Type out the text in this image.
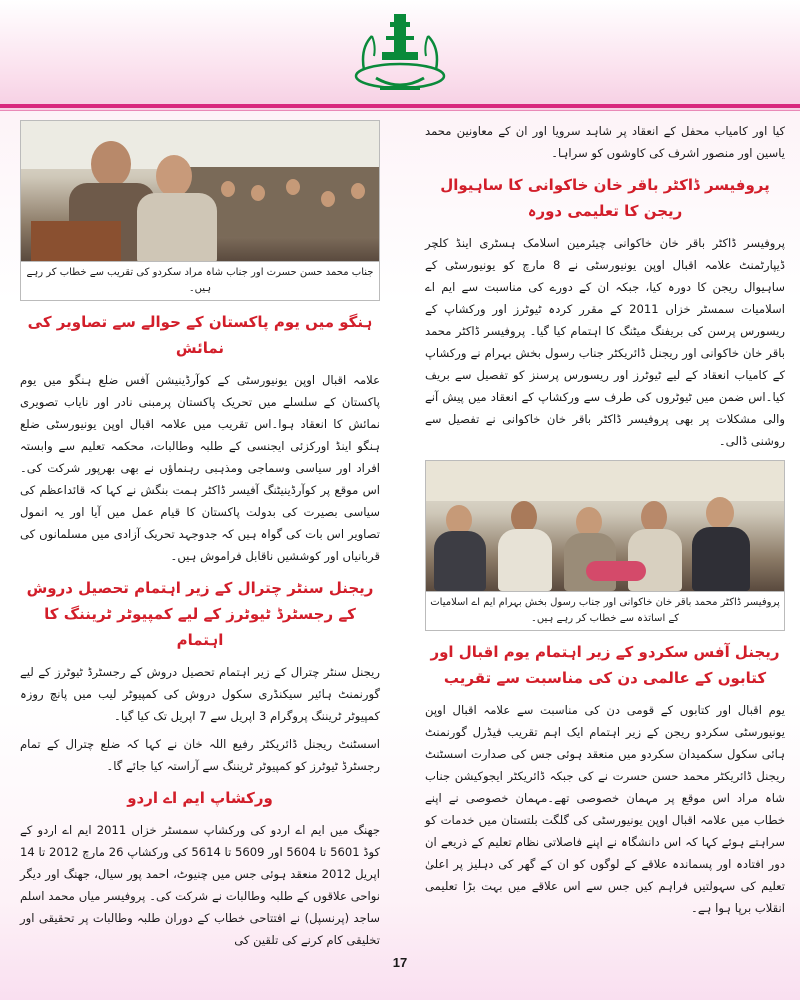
جناب محمد حسن حسرت اور جناب شاہ مراد سکردو کی تقریب سے خطاب کر رہے ہیں۔
ہنگو میں یوم پاکستان کے حوالے سے تصاویر کی نمائش

علامہ اقبال اوپن یونیورسٹی کے کوآرڈینیشن آفس ضلع ہنگو میں یوم پاکستان کے سلسلے میں تحریک پاکستان پرمبنی نادر اور نایاب تصویری نمائش کا انعقاد ہوا۔اس تقریب میں علامہ اقبال اوپن یونیورسٹی ضلع ہنگو اینڈ اورکزئی ایجنسی کے طلبہ وطالبات، محکمہ تعلیم سے وابستہ افراد اور سیاسی وسماجی ومذہبی رہنماؤں نے بھی بھرپور شرکت کی۔اس موقع پر کوآرڈینیٹنگ آفیسر ڈاکٹر ہمت بنگش نے کہا کہ قائداعظم کی سیاسی بصیرت کی بدولت پاکستان کا قیام عمل میں آیا اور یہ انمول تصاویر اس بات کی گواہ ہیں کہ جدوجہد تحریک آزادی میں مسلمانوں کی قربانیاں اور کوششیں ناقابل فراموش ہیں۔

ریجنل سنٹر چترال کے زیر اہتمام تحصیل دروش کے رجسٹرڈ ٹیوٹرز کے لیے کمپیوٹر ٹریننگ کا اہتمام

ریجنل سنٹر چترال کے زیر اہتمام تحصیل دروش کے رجسٹرڈ ٹیوٹرز کے لیے گورنمنٹ ہائیر سیکنڈری سکول دروش کی کمپیوٹر لیب میں پانچ روزہ کمپیوٹر ٹریننگ پروگرام 3 اپریل سے 7 اپریل تک کیا گیا۔

اسسٹنٹ ریجنل ڈائریکٹر رفیع اللہ خان نے کہا کہ ضلع چترال کے تمام رجسٹرڈ ٹیوٹرز کو کمپیوٹر ٹریننگ سے آراستہ کیا جائے گا۔

ورکشاپ ایم اے اردو

جھنگ میں ایم اے اردو کی ورکشاپ سمسٹر خزاں 2011 ایم اے اردو کے کوڈ 5601 تا 5604 اور 5609 تا 5614 کی ورکشاپ 26 مارچ 2012 تا 14 اپریل 2012 منعقد ہوئی جس میں چنیوٹ، احمد پور سیال، جھنگ اور دیگر نواحی علاقوں کے طلبہ وطالبات نے شرکت کی۔ پروفیسر میاں محمد اسلم ساجد (پرنسپل) نے افتتاحی خطاب کے دوران طلبہ وطالبات پر تحقیقی اور تخلیقی کام کرنے کی تلقین کی

کیا اور کامیاب محفل کے انعقاد پر شاہد سرویا اور ان کے معاونین محمد یاسین اور منصور اشرف کی کاوشوں کو سراہا۔

پروفیسر ڈاکٹر باقر خان خاکوانی کا ساہیوال ریجن کا تعلیمی دورہ

پروفیسر ڈاکٹر باقر خان خاکوانی چیئرمین اسلامک ہسٹری اینڈ کلچر ڈیپارٹمنٹ علامہ اقبال اوپن یونیورسٹی نے 8 مارچ کو یونیورسٹی کے ساہیوال ریجن کا دورہ کیا، جبکہ ان کے دورے کی مناسبت سے ایم اے اسلامیات سمسٹر خزاں 2011 کے مقرر کردہ ٹیوٹرز اور ورکشاپ کے ریسورس پرسن کی بریفنگ میٹنگ کا اہتمام کیا گیا۔ پروفیسر ڈاکٹر محمد باقر خان خاکوانی اور ریجنل ڈائریکٹر جناب رسول بخش بہرام نے ورکشاپ کے کامیاب انعقاد کے لیے ٹیوٹرز اور ریسورس پرسنز کو تفصیل سے بریف کیا۔اس ضمن میں ٹیوٹروں کی طرف سے ورکشاپ کے انعقاد میں پیش آنے والی مشکلات پر بھی پروفیسر ڈاکٹر باقر خان خاکوانی نے تفصیل سے روشنی ڈالی۔

پروفیسر ڈاکٹر محمد باقر خان خاکوانی اور جناب رسول بخش بہرام ایم اے اسلامیات کے اساتذہ سے خطاب کر رہے ہیں۔
ریجنل آفس سکردو کے زیر اہتمام یوم اقبال اور کتابوں کے عالمی دن کی مناسبت سے تقریب

یوم اقبال اور کتابوں کے قومی دن کی مناسبت سے علامہ اقبال اوپن یونیورسٹی سکردو ریجن کے زیر اہتمام ایک اہم تقریب فیڈرل گورنمنٹ ہائی سکول سکمیدان سکردو میں منعقد ہوئی جس کی صدارت اسسٹنٹ ریجنل ڈائریکٹر محمد حسن حسرت نے کی جبکہ ڈائریکٹر ایجوکیشن جناب شاہ مراد اس موقع پر مہمان خصوصی تھے۔مہمان خصوصی نے اپنے خطاب میں علامہ اقبال اوپن یونیورسٹی کی گلگت بلتستان میں خدمات کو سراہتے ہوئے کہا کہ اس دانشگاہ نے اپنے فاصلاتی نظام تعلیم کے ذریعے ان دور افتادہ اور پسماندہ علاقے کے لوگوں کو ان کے گھر کی دہلیز پر اعلیٰ تعلیم کی سہولتیں فراہم کیں جس سے اس علاقے میں بہت بڑا تعلیمی انقلاب برپا ہوا ہے۔

17
